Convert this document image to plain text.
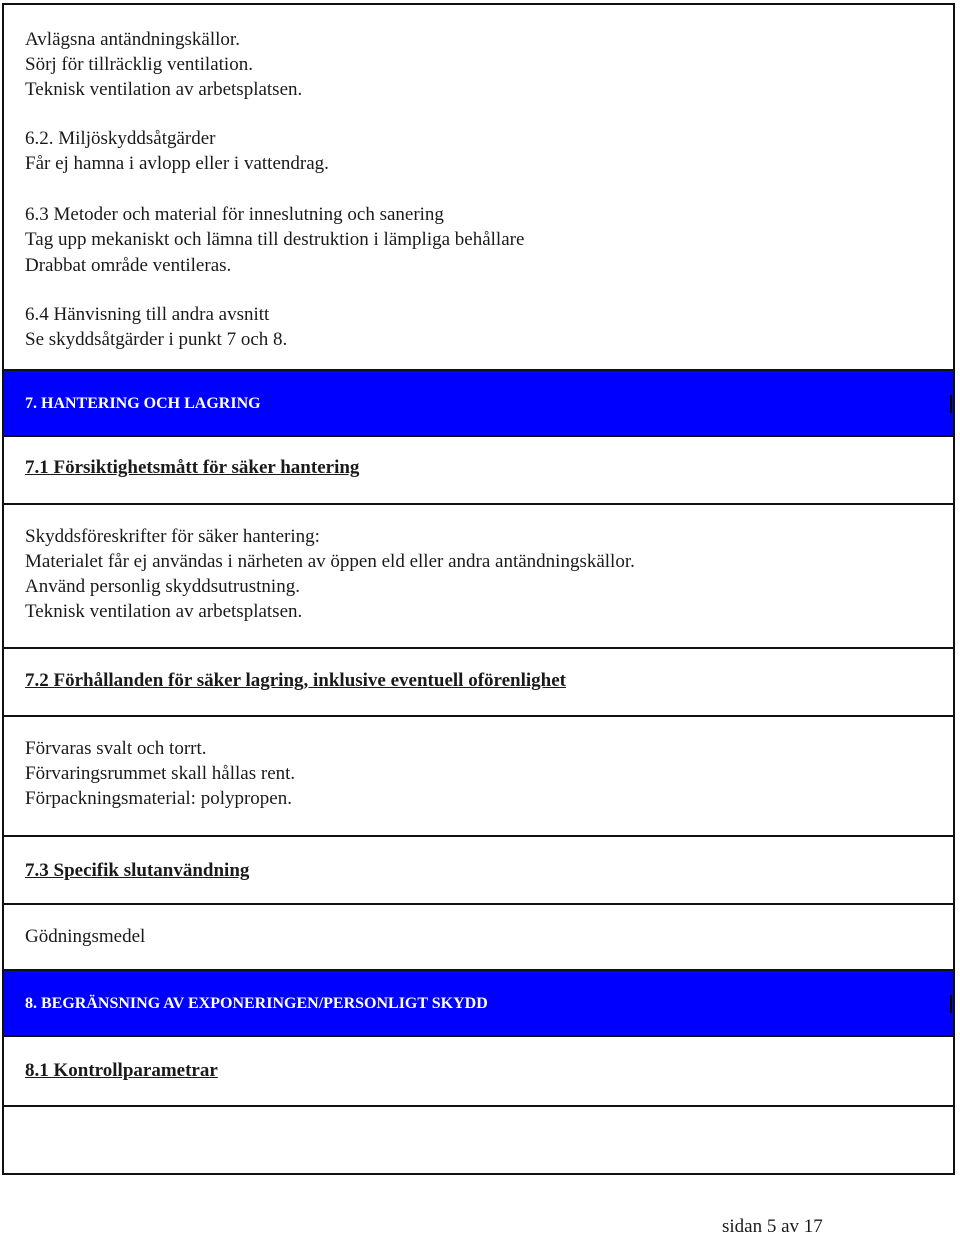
Avlägsna antändningskällor.
Sörj för tillräcklig ventilation.
Teknisk ventilation av arbetsplatsen.
6.2. Miljöskyddsåtgärder
Får ej hamna i avlopp eller i vattendrag.
6.3 Metoder och material för inneslutning och sanering
Tag upp mekaniskt och lämna till destruktion i lämpliga behållare
Drabbat område ventileras.
6.4 Hänvisning till andra avsnitt
Se skyddsåtgärder i punkt 7 och 8.
7. HANTERING OCH LAGRING
7.1 Försiktighetsmått för säker hantering
Skyddsföreskrifter för säker hantering:
Materialet får ej användas i närheten av öppen eld eller andra antändningskällor.
Använd personlig skyddsutrustning.
Teknisk ventilation av arbetsplatsen.
7.2 Förhållanden för säker lagring, inklusive eventuell oförenlighet
Förvaras svalt och torrt.
Förvaringsrummet skall hållas rent.
Förpackningsmaterial: polypropen.
7.3 Specifik slutanvändning
Gödningsmedel
8. BEGRÄNSNING AV EXPONERINGEN/PERSONLIGT SKYDD
8.1 Kontrollparametrar
sidan 5 av 17
